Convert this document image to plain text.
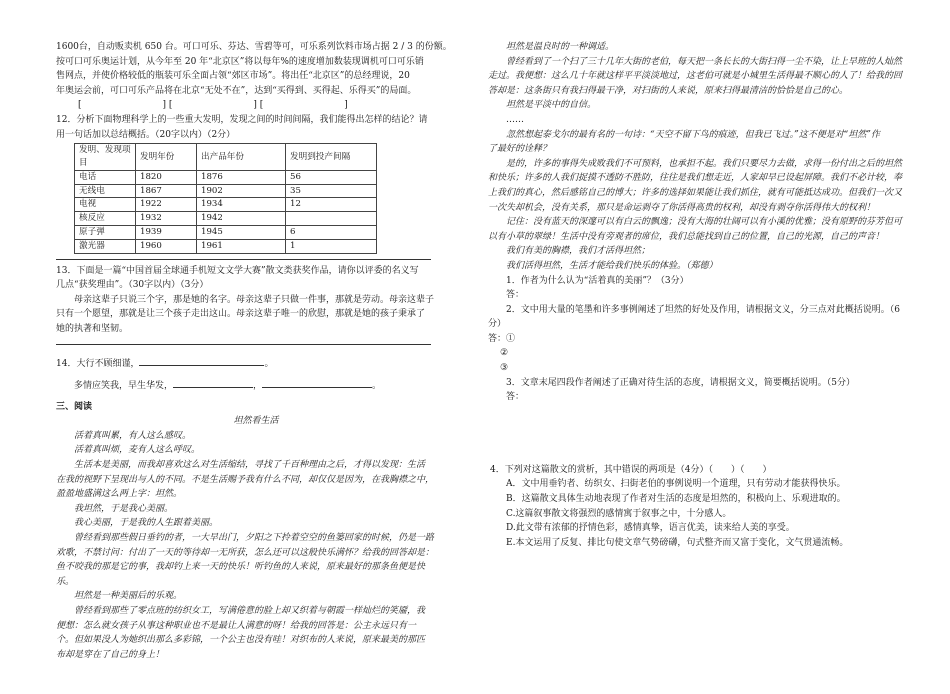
1600台，自动贩卖机 650 台。可口可乐、芬达、雪碧等可，可乐系列饮料市场占据 2 / 3 的份额。

按可口可乐奥运计划，从今年至 20 年“北京区”将以每年%的速度增加数装现调机可口可乐销

售网点，并使价格较低的瓶装可乐全面占领“郊区市场”。将出任“北京区”的总经理说，20

年奥运会前，可口可乐产品将在北京“无处不在”，达到“买得到、买得起、乐得买”的局面。

[　　　　　　　　　] [　　　　　　　　　] [　　　　　　　　　]

12．分析下面物理科学上的一些重大发明，发现之间的时间间隔，我们能得出怎样的结论？请

用一句话加以总结概括。（20字以内）（2分）

发明、发现项目	发明年份	出产品年份	发明到投产间隔
电话	1820	1876	56
无线电	1867	1902	35
电视	1922	1934	12
核反应	1932	1942	
原子弹	1939	1945	6
激光器	1960	1961	1

13．下面是一篇“中国首届全球通手机短文文学大赛”散文类获奖作品，请你以评委的名义写

几点“获奖理由”。（30字以内）（3分）

母亲这辈子只说三个字，那是她的名字。母亲这辈子只做一件事，那就是劳动。母亲这辈子

只有一个愿望，那就是让三个孩子走出这山。母亲这辈子唯一的欣慰，那就是她的孩子秉承了

她的执著和坚韧。

14．大行不顾细谨，	。

多情应笑我，早生华发，	，	。

三、阅读

坦然看生活

活着真叫累，有人这么感叹。

活着真叫烦，麦有人这么呼叹。

生活本是美丽，而我却喜欢这么对生活缩结，寻找了千百种理由之后，才得以发现：生活

在我的视野下呈现出与人的不同。不是生活赐予我有什么不同，却仅仅是因为，在我胸襟之中，

盈盈地盛满这么两上字：坦然。

我坦然，于是我心美丽。

我心美丽，于是我的人生跟着美丽。

曾经看到那些假日垂钓的者，一大早出门，夕阳之下拎着空空的鱼篓回家的时候，仍是一路

欢歌，不禁讨问：付出了一天的等待却一无所获，怎么还可以这般快乐满怀？给我的回答却是：

鱼不咬我的那是它的事，我却钓上来一天的快乐！听钓鱼的人来说，原来最好的那条鱼便是快

乐。

坦然是一种美丽后的乐观。

曾经看到那些了零点班的纺织女工，写满倦意的脸上却又织着与朝霞一样灿烂的笑靥，我

便想：怎么就女孩子从事这种职业也不是最让人满意的呀！给我的回答是：公主永远只有一

个。但如果没人为她织出那么多彩锦，一个公主也没有哇！对织布的人来说，原来最美的那匹

布却是穿在了自己的身上！

坦然是温良时的一种调适。

曾经看到了一个扫了三十几年大街的老伯，每天把一条长长的大街扫得一尘不染，让上早班的人灿然

走过。我便想：这么几十年就这样平平淡淡地过，这老伯可就是小城里生活得最不顺心的人了！给我的回

答却是：这条街只有我扫得最干净，对扫街的人来说，原来扫得最清洁的恰恰是自己的心。

坦然是平淡中的自信。

……

忽然想起泰戈尔的最有名的一句诗：“天空不留下鸟的痕迹，但我已飞过。”这不便是对“坦然”作

了最好的诠释？

是的，许多的事得失成败我们不可预料，也承担不起。我们只要尽力去做，求得一份付出之后的坦然

和快乐；许多的人我们捉摸不透防不胜防，往往是我们想走近，人家却早已设起屏障。我们不必计较，奉

上我们的真心，然后感铭自己的博大；许多的选择如果能让我们抓住，就有可能抵达成功。但我们一次又

一次失却机会，没有关系，那只是命运剥夺了你活得高贵的权利，却没有剥夺你活得伟大的权利！

记住：没有蓝天的深邃可以有白云的飘逸；没有大海的壮阔可以有小溪的优雅；没有原野的芬芳但可

以有小草的翠绿！生活中没有旁观者的席位，我们总能找到自己的位置，自己的光源，自己的声音！

我们有美的胸襟，我们才活得坦然；

我们活得坦然，生活才能给我们快乐的体验。（郑德）

1．作者为什么认为“活着真的美丽”？（3分）

答：

2．文中用大量的笔墨和许多事例阐述了坦然的好处及作用，请根据文义，分三点对此概括说明。（6

分）

答：①

②

③

3．文章末尾四段作者阐述了正确对待生活的态度，请根据文义，简要概括说明。（5分）

答：

4．下列对这篇散文的赏析，其中错误的两项是（4分）（　　）（　　）

A．文中用垂钓者、纺织女、扫街老伯的事例说明一个道理，只有劳动才能获得快乐。

B．这篇散文具体生动地表现了作者对生活的态度是坦然的，积极向上、乐观进取的。

C.这篇叙事散文将强烈的感情寓于叙事之中，十分感人。

D.此文带有浓郁的抒情色彩，感情真挚，语言优美，读来给人美的享受。

E.本文运用了反复、排比句使文章气势磅礴，句式整齐而又富于变化，文气贯通流畅。
